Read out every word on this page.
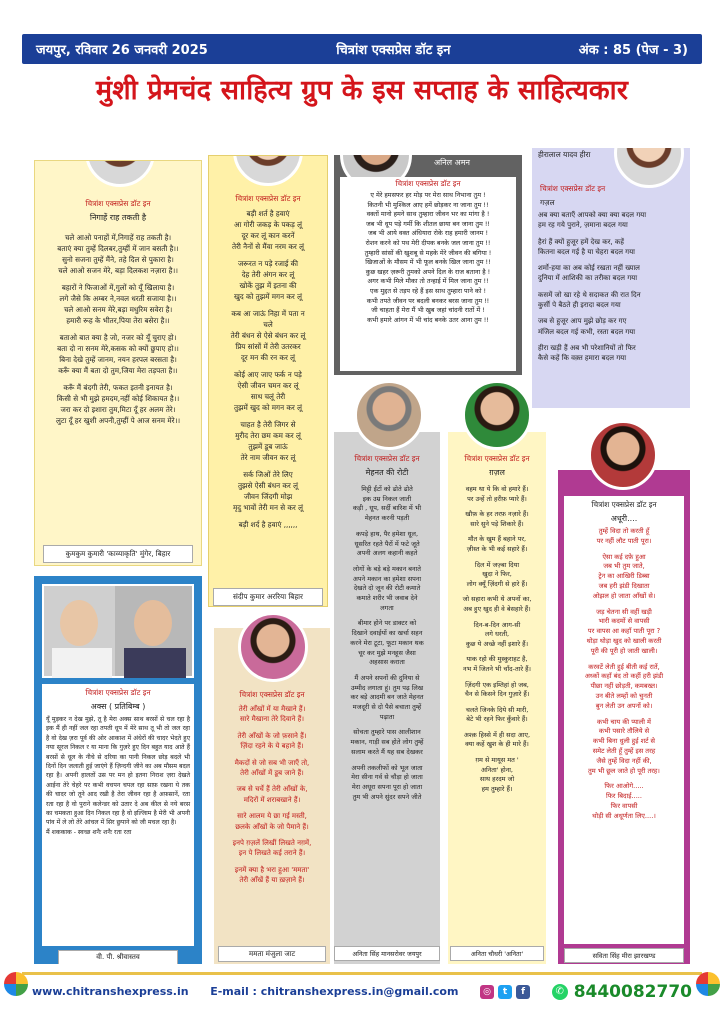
जयपुर, रविवार 26 जनवरी 2025	चित्रांश एक्सप्रेस डॉट इन	अंक : 85 (पेज - 3)
मुंशी प्रेमचंद साहित्य ग्रुप के इस सप्ताह के साहित्यकार
चित्रांश एक्सप्रेस डॉट इन
निगाहें राह तकती है

चले आओ पनाहों में,निगाहें राह तकती है।
बताएं क्या तुम्हें दिलबर,तुम्हीं में जान बसती है।।
सुनो सजना तुम्हें मैंने, तहे दिल से पुकारा है।
चले आओ सजन मेरे, बड़ा दिलकश नज़ारा है।।

बहारों ने फिजाओं में,गुलों को यूँ खिलाया है।
लगे जैसे कि अम्बर ने,नवल धरती सजाया है।।
चले आओ सनम मेरे,बड़ा मधुरिम सवेरा है।
हमारी रूह के भीतर,पिया तेरा बसेरा है।।

बताओ बात क्या है जो, नजर को यूँ चुराए हो।
बता दो ना सनम मेरे,कसक को क्यों छुपाए हो।।
बिना देखे तुम्हें जानम, नयन हरपल बरसता है।
करूँ क्या मैं बता दो तुम,जिया मेरा तड़पता है।।

करूँ मैं बंदगी तेरी, फकत इतनी इनायत है।
किसी से भी मुझे हमदम,नहीं कोई शिकायत है।।
जरा कर दो इशारा तुम,मिटा दूँ हर अलम तेरे।
लुटा दूँ हर खुशी अपनी,तुम्हीं पे आज सनम मेरे।।

कुमकुम कुमारी 'काव्याकृति' मुंगेर, बिहार
चित्रांश एक्सप्रेस डॉट इन

बड़ी शर्त है हवाएं
आ गोरी जकड़ के पकड़ लूं
दूर कर लूं कान करनें
तेरी नैनों से मैंवा नरम कर लूं

जरूरत न पड़े रजाई की
देह तेरी अंगन कर लूं
खोकें तुझ में इतना की
खुद को तुझमें मगन कर लूं

कब आ जाऊं निहा में पता न
चले
तेरी बंधन से ऐसे बंधन कर लूं
प्रिय सांसों में तेरी उतरकर
दूर मन की रन कर लूं

कोई आए जाए फर्क न पड़े
ऐसी जीवन चमन कर लूं
साथ चलूं तेरी
तुझमें खुद को मगन कर लूं

चाहत है तेरी जिगर से
मुरीद तेरा छम कम कर लूं
तुझमें डूब जाऊं
तेरे नाम जीवन कर लूं

सर्क जिओं तेरे लिए
तुझसे ऐसी बंधन कर लूं
जीवन जिंदगी मोझ
मृदु भावों तेरी मन से कर लूं

बड़ी शर्द है हवाएं ,,,,,,

संदीप कुमार अररिया बिहार
अनिल अमन
चित्रांश एक्सप्रेस डॉट इन
ए मेरे हमसफर हर मोड़ पर मेरा साथ निभाना तुम !
कितनी भी मुश्किल आए हमें छोड़कर ना जाना तुम !!
वक्तों मानो हमने साथ तुम्हारा जीवन भर का मांगा है !
जब भी धूप पड़े गर्मी कि शीतल छाया बन जाना तुम !!
जब भी आये वक्त अंधियारा रोके राह हमारी जानम !
रोशन करने को पथ मेरी दीपक बनके जल जाना तुम !!
तुम्हारी सांसों की खुशबू से महके मेरे जीवन की बगिया !
खिजाओं के मौसम में भी फूल बनके खिल जाना तुम !!
कुछ खहर ज़रूरी तुमको अपने दिल के राज बताना है !
अगर कभी मिले मौका तो तन्हाई में मिल जाना तुम !!
एक मुद्दत से तड़प रहे हैं इस साथ तुम्हारा पाने को !
कभी तपते जीवन पर बदली बनकर बरस जाना तुम !!
जी चाहता हैं मेरा मैं भी खुब जहां चांदनी रातों में !
कभी हमारे आंगन में भी चांद बनके उतर आना तुम !!
हीरालाल यादव हीरा
चित्रांश एक्सप्रेस डॉट इन
गज़ल

अब क्या बताएँ आपको क्या क्या बदल गया
हम रह गये पुराने, ज़माना बदल गया

हैरां हैं क्यों हुजूर हमें देख कर, कहें
कितना बदल गई है या चेहरा बदल गया

शर्मो-हया का अब कोई रखता नहीं ख्याल
दुनिया में आशिकी का तरीका बदल गया

कसमें जो खा रहे थे सदाकत की रात दिन
कुर्सी पे बैठते ही इरादा बदल गया

जब से हुजूर आप मुझे छोड़ कर गए
मंजिल बदल गई कभी, रस्ता बदल गया

हीरा खड़ी हैं अब भी परेशानियों तो फिर
कैसे कहें कि वक़्त हमारा बदल गया

चित्रांश एक्सप्रेस डॉट इन
अक्स ( प्रतिबिम्ब )
यूँ मुड़कर न देख मुझे, तू है मेरा अक्स साथ बरसों से चल रहा है इक मैं ही नहीं जल रहा तपती धूप में मेरे साथ तू भी तो जल रहा है वो देख ज़रा पूर्व की ओर आकाश में अंधेरों की चादर भेदते हुए नया सूरज निकल र या माना कि गुज़रे हुए दिन बहुत याद आते हैं बरसों से धूल के नीचे से दरिया का पानी निकल छोड़ बदले भी दिनों दिन जलाती हुई जाएंगे हैं ज़िन्दगी जीने का अब मौसम बदल रहा है। अपनी हालतों उस पर मन हो इतना निराश ज़रा देखते आईना तेरे चेहरे पर कभी वचपन चपल रहा साफ़ रखना ये तक की चादर जो तूने आद रखी है तेरा जीवन रहा है अफ़सानें, रता रता रहा है वो पुराने कलेन्डर को उतार दे अब कील से नये बरस का चमकता हुआ दिन निकल रहा है वो इल्जिाम है मेरी भी अपनी पांव में ले लो तेरे आंचल में सिर छुपाने को जी मचल रहा है।
मैं शककाक - स्वच्छ शनैः शनैः रता रता
वी. पी. श्रीवास्तव
चित्रांश एक्सप्रेस डॉट इन

तेरी आँखों में या मैखाने हैं।
सारे मैखाना तेरे दिवाने हैं।

तेरी आँखों के जो फ़साने हैं।
ज़िंदा रहने के ये बहाने हैं।

मैकदों से जो सब भी जाएँ तो,
तेरी आँखों में डूब जाने हैं।

जब से चर्चे हैं तेरी आँखों के,
मदिरों में शराबखाने हैं।

सारे आलम ये छा गई मस्ती,
छलके आँखों के जो पैमाने हैं।

इनपे ग़ज़लें लिखीं लिखते नग़में,
इन पे लिखते कई तराने हैं।

इनमें क्या है भरा हुआ 'ममता'
तेरी आँखें हैं या ख़ज़ाने हैं।

ममता मंजुला जाट
चित्रांश एक्सप्रेस डॉट इन
मेहनत की रोटी

मिट्टी ईंटों को ढोते ढोते
इक उम्र निकल जाती
कड़ी , धूप, सर्दी बारिश में भी
मेहनत करनी पड़ती

कपड़े हाथ, पैर हमेशा धूल,
धूसरित रहते पैरों में फटे जूते
अपनी अलग कहानी कहते

लोगों के बड़े बड़े मकान बनाते
अपने मकान का हमेशा सपना
देखते दो जून की रोटी कमाते
कमाते शरीर भी जवाब देने
लगता

बीमार होने पर डाक्टर को
दिखाने दवाईयों का खर्चा सहन
करने मेरा टूटा, फूटा मकान थक
चूर कर मुझे मनहूस जैसा
अहसास कराता

मैं अपने सपनों की दुनिया से
उम्मीद लगाता हूं। तुम पढ़ लिख
कर बड़े आदमी बन जाते मेहनत
मजदूरी से दो पैसे बचाता तुम्हें
पढ़ाता

सोचता तुम्हारे पास आलीशान
मकान, गाड़ी सब होते लोग तुम्हें
सलाम करते मैं यह सब देखकर

अपनी तकलीफों को भूल जाता
मेरा सीना गर्व से चौड़ा हो जाता
मेरा अधूरा सपना पूरा हो जाता
तुम भी अपने सुंदर सपने जीते

अनिता सिंह मानसरोवर जयपुर
चित्रांश एक्सप्रेस डॉट इन
ग़ज़ल

वहम था ये कि वो हमारे हैं।
पर उन्हें तो हरीफ़ प्यारे हैं।

खौफ़ के हर तरफ़ नज़ारे हैं।
सारे सुने पड़े शिकारे हैं।

मौत के खुम हैं बहाने पर,
ज़ीस्त के भी कई सहारे हैं।

दिल में जज़्बा दिया
खुदा ने फिर,
लोग क्यूँ ज़िंदगी से हारे हैं।

जो सहारा कभी थे अपनों का,
अब हुए खुद ही वे बेसहारे हैं।

दिन-ब-दिन आग-सी
लगे धरती,
कुछ ये अच्छे नहीं इशारे हैं।

याक रहो की मुस्कुराहट है,
नभ में जितने भी चाँद-तारे हैं।

ज़िंदगी एक इम्तिहां हो जब,
चैन से किसने दिन गुज़ारे हैं।

चलते जिनके दिये सी मारी,
बेटे भी रहने फिर कुँवारे हैं।

अश्क़ हिस्से में ही सदा आए,
क्या कहें खुश के ही मारे हैं।

ग़म से मायूस मत '
अनिता' होना,
साथ हरदम जो
हम तुम्हारे हैं।

अनिता चौधरी 'अनिता'
चित्रांश एक्सप्रेस डॉट इन
अधूरी....

तुम्हें विदा तो करती हूँ
पर नहीं लौट पाती पूरा।

ऐसा कई दफ़े हुआ
जब भी तुम जाते,
ट्रेन का आखिरी डिब्बा
जब हरी झंडी दिखाता
ओझल हो जाता आँखों से।

जड़ चेतना सी वहीं खड़ी
भारी कदमों से वापसी
पर वापस आ कहाँ पाती पूरा ?
थोड़ा थोड़ा खुद को खाली करती
पूरी की पूरी हो जाती खाली।

करवटें लेती हुई बीती कई रातें,
अध्कों कहाँ बंद तो कहीं हरी झंडी
पीछा नहीं छोड़ती, कमबख्त।
उन बीते लम्हों को चुनती
बुन लेती उन अपनों को।

कभी चाय की प्याली में
कभी पसारे तौलिये से
कभी बिना धुली हुई शर्ट से
समेट लेती हूँ तुम्हें इस तरह
जैसे तुम्हें विदा नहीं की,
तुम भी छूल जाते हो पूरी तरह।

फिर आओगे.....
फिर बिदाई.....
फिर वापसी
थोड़ी सी अधूर्णता लिए....।

सविता सिंह मीरा झारखण्ड
www.chitranshexpress.in E-mail : chitranshexpress.in@gmail.com	◎	t	f	✆ 8440082770
